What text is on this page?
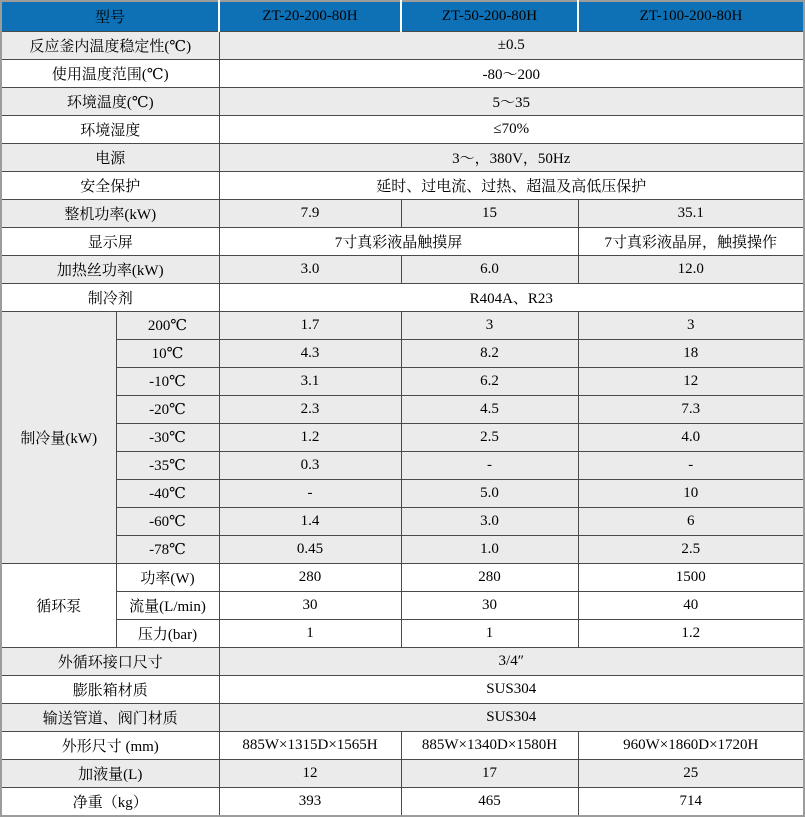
型号		ZT-20-200-80H	ZT-50-200-80H	ZT-100-200-80H
反应釜内温度稳定性(℃)		±0.5		
使用温度范围(℃)		-80～200		
环境温度(℃)		5～35		
环境湿度		≤70%		
电源		3～，380V，50Hz		
安全保护		延时、过电流、过热、超温及高低压保护		
整机功率(kW)		7.9	15	35.1
显示屏		7寸真彩液晶触摸屏		7寸真彩液晶屏，触摸操作
加热丝功率(kW)		3.0	6.0	12.0
制冷剂		R404A、R23		
制冷量(kW)	200℃	1.7	3	3
	10℃	4.3	8.2	18
	-10℃	3.1	6.2	12
	-20℃	2.3	4.5	7.3
	-30℃	1.2	2.5	4.0
	-35℃	0.3	-	-
	-40℃	-	5.0	10
	-60℃	1.4	3.0	6
	-78℃	0.45	1.0	2.5
循环泵	功率(W)	280	280	1500
	流量(L/min)	30	30	40
	压力(bar)	1	1	1.2
外循环接口尺寸		3/4″		
膨胀箱材质		SUS304		
输送管道、阀门材质		SUS304		
外形尺寸 (mm)		885W×1315D×1565H	885W×1340D×1580H	960W×1860D×1720H
加液量(L)		12	17	25
净重（kg）		393	465	714
